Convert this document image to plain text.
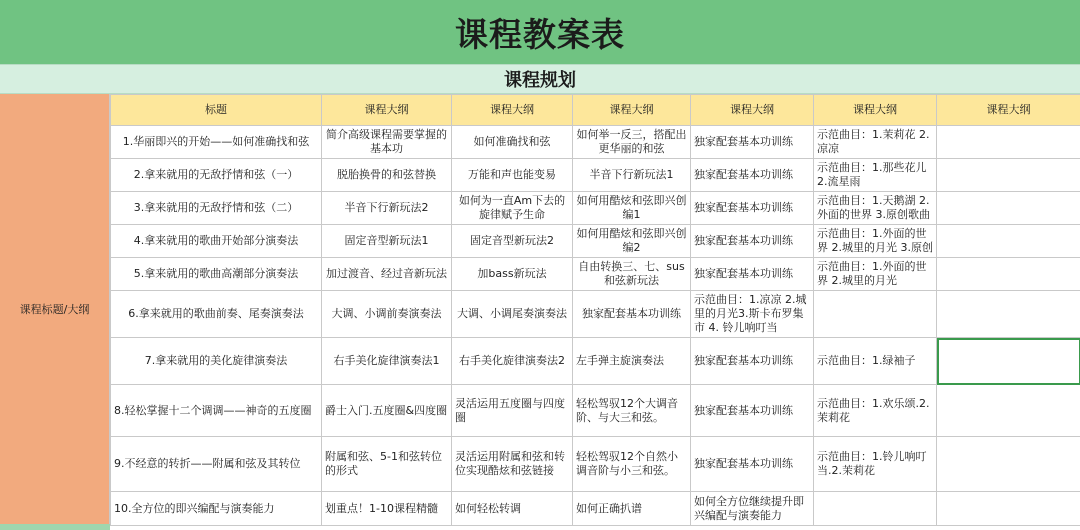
课程教案表
课程规划
课程标题/大纲
标题	课程大纲	课程大纲	课程大纲	课程大纲	课程大纲	课程大纲
1.华丽即兴的开始——如何准确找和弦	简介高级课程需要掌握的基本功	如何准确找和弦	如何举一反三，搭配出更华丽的和弦	独家配套基本功训练	示范曲目：1.茉莉花 2.凉凉	
2.拿来就用的无敌抒情和弦（一）	脱胎换骨的和弦替换	万能和声也能变易	半音下行新玩法1	独家配套基本功训练	示范曲目：1.那些花儿 2.流星雨	
3.拿来就用的无敌抒情和弦（二）	半音下行新玩法2	如何为一直Am下去的旋律赋予生命	如何用酷炫和弦即兴创编1	独家配套基本功训练	示范曲目：1.天鹅湖 2.外面的世界 3.原创歌曲	
4.拿来就用的歌曲开始部分演奏法	固定音型新玩法1	固定音型新玩法2	如何用酷炫和弦即兴创编2	独家配套基本功训练	示范曲目：1.外面的世界 2.城里的月光 3.原创	
5.拿来就用的歌曲高潮部分演奏法	加过渡音、经过音新玩法	加bass新玩法	自由转换三、七、sus和弦新玩法	独家配套基本功训练	示范曲目：1.外面的世界 2.城里的月光	
6.拿来就用的歌曲前奏、尾奏演奏法	大调、小调前奏演奏法	大调、小调尾奏演奏法	独家配套基本功训练	示范曲目：1.凉凉 2.城里的月光3.斯卡布罗集市 4. 铃儿响叮当		
7.拿来就用的美化旋律演奏法	右手美化旋律演奏法1	右手美化旋律演奏法2	左手弹主旋演奏法	独家配套基本功训练	示范曲目：1.绿袖子	
8.轻松掌握十二个调调——神奇的五度圈	爵士入门.五度圈&四度圈	灵活运用五度圈与四度圈	轻松驾驭12个大调音阶、与大三和弦。	独家配套基本功训练	示范曲目：1.欢乐颂.2.茉莉花	
9.不经意的转折——附属和弦及其转位	附属和弦、5-1和弦转位的形式	灵活运用附属和弦和转位实现酷炫和弦链接	轻松驾驭12个自然小调音阶与小三和弦。	独家配套基本功训练	示范曲目：1.铃儿响叮当.2.茉莉花	
10.全方位的即兴编配与演奏能力	划重点！1-10课程精髓	如何轻松转调	如何正确扒谱	如何全方位继续提升即兴编配与演奏能力		
